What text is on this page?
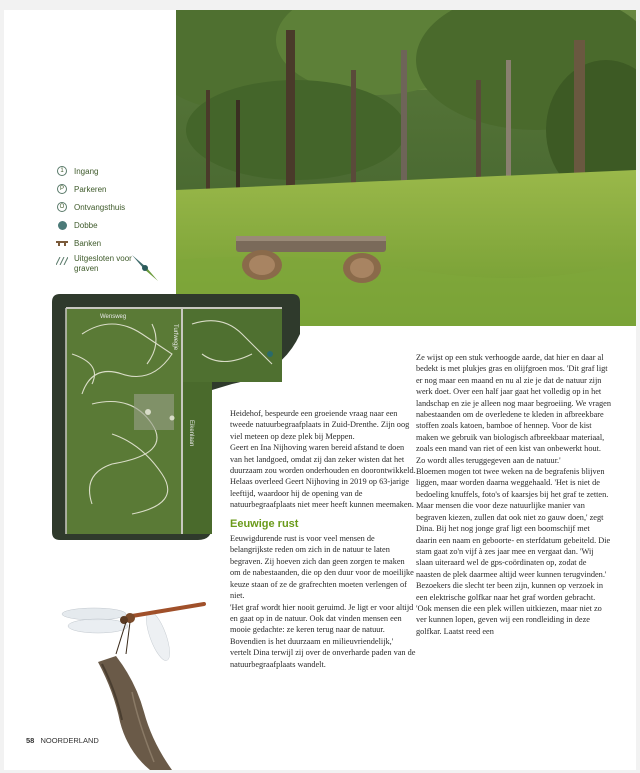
1	Ingang
P	Parkeren
O	Ontvangsthuis
Dobbe
Banken
Uitgesloten voor graven
Wensweg
Turfwegje
Eikenlaan

Heidehof, bespeurde een groeiende vraag naar een tweede natuurbegraafplaats in Zuid-Drenthe. Zijn oog viel meteen op deze plek bij Meppen.

Geert en Ina Nijhoving waren bereid afstand te doen van het landgoed, omdat zij dan zeker wisten dat het duurzaam zou worden onderhouden en doorontwikkeld. Helaas overleed Geert Nijhoving in 2019 op 63-jarige leeftijd, waardoor hij de opening van de natuurbegraafplaats niet meer heeft kunnen meemaken.

Eeuwige rust

Eeuwigdurende rust is voor veel mensen de belangrijkste reden om zich in de natuur te laten begraven. Zij hoeven zich dan geen zorgen te maken om de nabestaanden, die op den duur voor de moeilijke keuze staan of ze de grafrechten moeten verlengen of niet.

'Het graf wordt hier nooit geruimd. Je ligt er voor altijd en gaat op in de natuur. Ook dat vinden mensen een mooie gedachte: ze keren terug naar de natuur. Bovendien is het duurzaam en milieuvriendelijk,' vertelt Dina terwijl zij over de onverharde paden van de natuurbegraafplaats wandelt.

Ze wijst op een stuk verhoogde aarde, dat hier en daar al bedekt is met plukjes gras en olijfgroen mos. 'Dit graf ligt er nog maar een maand en nu al zie je dat de natuur zijn werk doet. Over een half jaar gaat het volledig op in het landschap en zie je alleen nog maar begroeiing. We vragen nabestaanden om de overledene te kleden in afbreekbare stoffen zoals katoen, bamboe of hennep. Voor de kist maken we gebruik van biologisch afbreekbaar materiaal, zoals een mand van riet of een kist van onbewerkt hout. Zo wordt alles teruggegeven aan de natuur.'

Bloemen mogen tot twee weken na de begrafenis blijven liggen, maar worden daarna weggehaald. 'Het is niet de bedoeling knuffels, foto's of kaarsjes bij het graf te zetten. Maar mensen die voor deze natuurlijke manier van begraven kiezen, zullen dat ook niet zo gauw doen,' zegt Dina. Bij het nog jonge graf ligt een boomschijf met daarin een naam en geboorte- en sterfdatum gebeiteld. Die stam gaat zo'n vijf à zes jaar mee en vergaat dan. 'Wij slaan uiteraard wel de gps-coördinaten op, zodat de naasten de plek daarmee altijd weer kunnen terugvinden.' Bezoekers die slecht ter been zijn, kunnen op verzoek in een elektrische golfkar naar het graf worden gebracht. 'Ook mensen die een plek willen uitkiezen, maar niet zo ver kunnen lopen, geven wij een rondleiding in deze golfkar. Laatst reed een

58 NOORDERLAND
